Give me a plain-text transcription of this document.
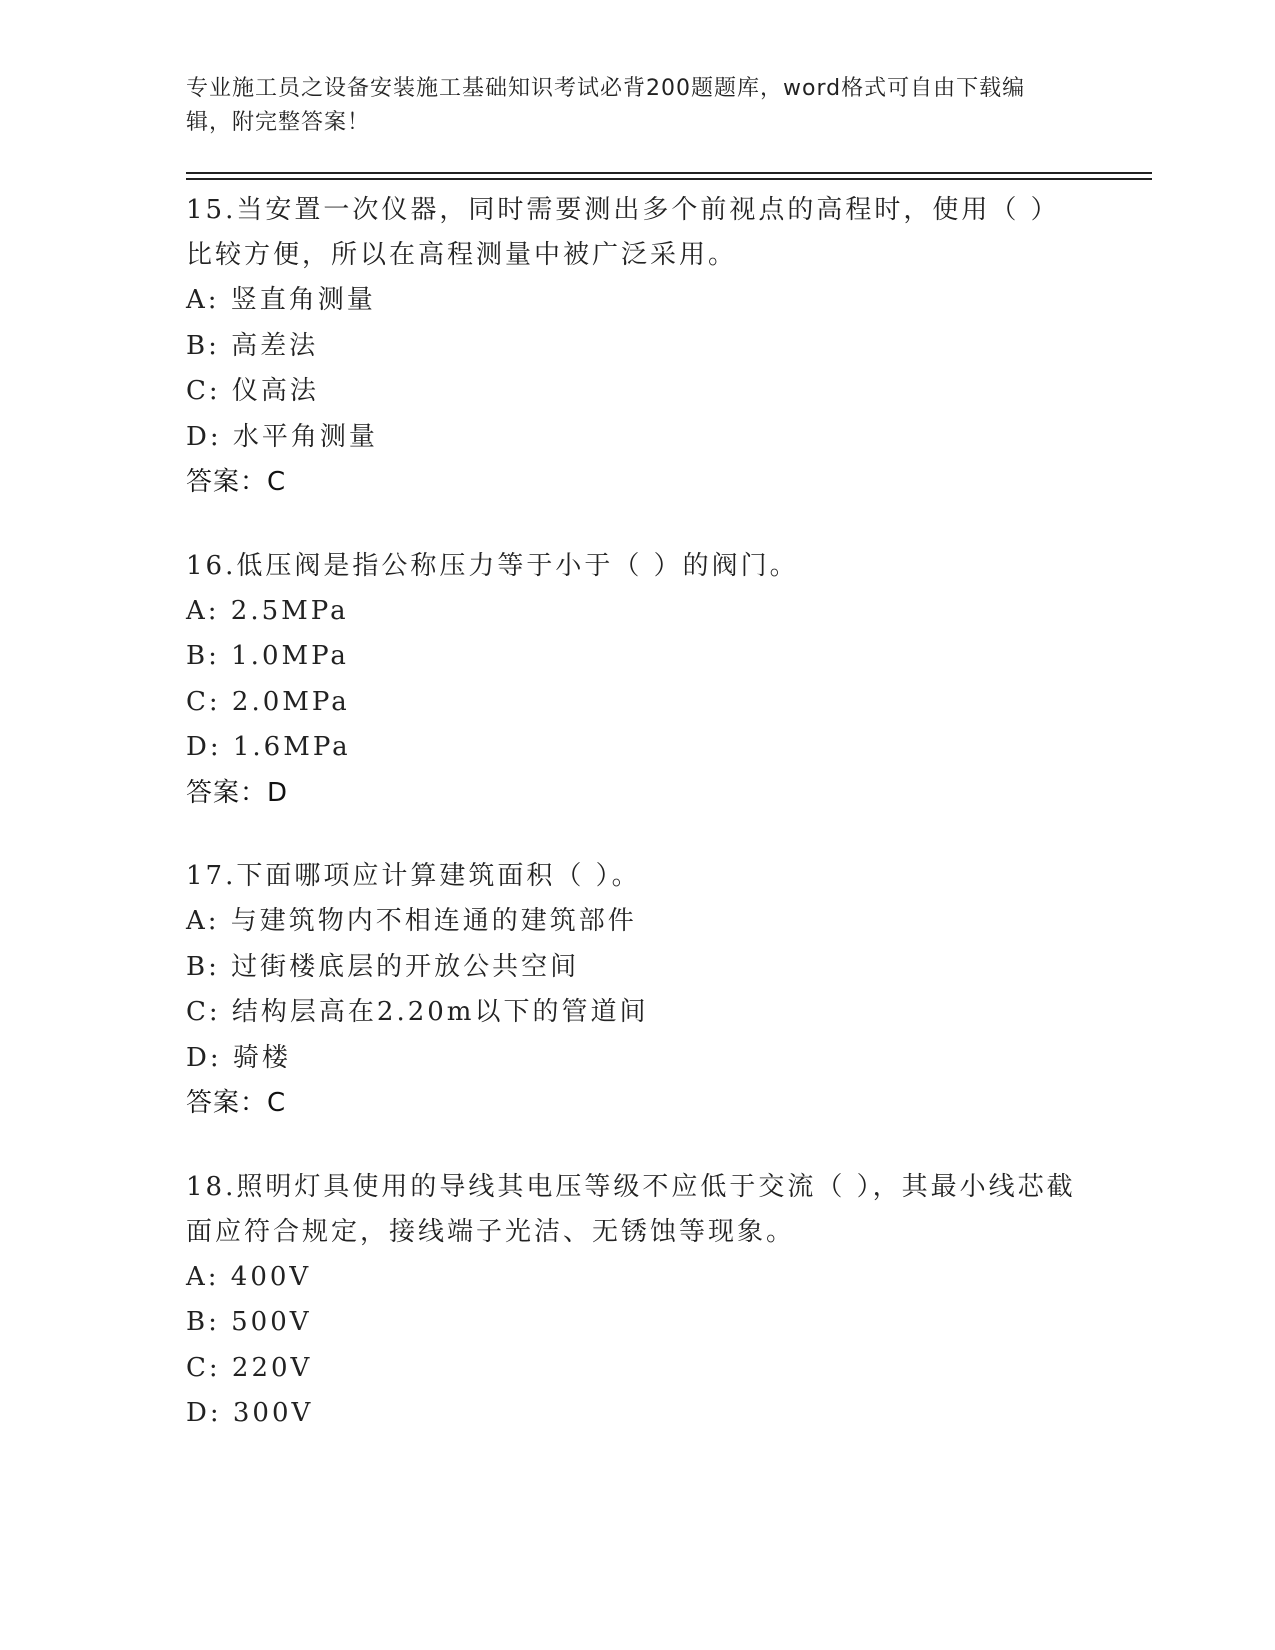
专业施工员之设备安装施工基础知识考试必背200题题库，word格式可自由下载编辑，附完整答案！
15.当安置一次仪器，同时需要测出多个前视点的高程时，使用（ ）比较方便，所以在高程测量中被广泛采用。
A: 竖直角测量
B: 高差法
C: 仪高法
D: 水平角测量
答案：C
16.低压阀是指公称压力等于小于（ ）的阀门。
A: 2.5MPa
B: 1.0MPa
C: 2.0MPa
D: 1.6MPa
答案：D
17.下面哪项应计算建筑面积（ ）。
A: 与建筑物内不相连通的建筑部件
B: 过街楼底层的开放公共空间
C: 结构层高在2.20m以下的管道间
D: 骑楼
答案：C
18.照明灯具使用的导线其电压等级不应低于交流（ ），其最小线芯截面应符合规定，接线端子光洁、无锈蚀等现象。
A: 400V
B: 500V
C: 220V
D: 300V
